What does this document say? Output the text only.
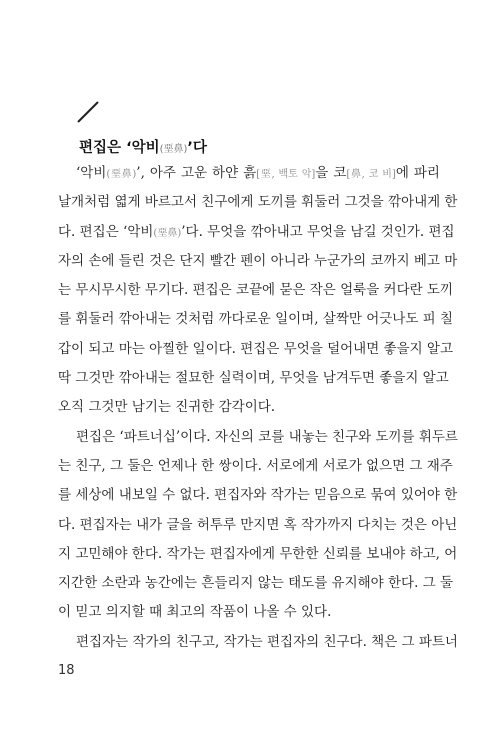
편집은 ‘악비(堊鼻)’다
‘악비(堊鼻)’, 아주 고운 하얀 흙[堊, 백토 악]을 코[鼻, 코 비]에 파리
날개처럼 엷게 바르고서 친구에게 도끼를 휘둘러 그것을 깎아내게 한
다. 편집은 ‘악비(堊鼻)’다. 무엇을 깎아내고 무엇을 남길 것인가. 편집
자의 손에 들린 것은 단지 빨간 펜이 아니라 누군가의 코까지 베고 마
는 무시무시한 무기다. 편집은 코끝에 묻은 작은 얼룩을 커다란 도끼
를 휘둘러 깎아내는 것처럼 까다로운 일이며, 살짝만 어긋나도 피 칠
갑이 되고 마는 아찔한 일이다. 편집은 무엇을 덜어내면 좋을지 알고
딱 그것만 깎아내는 절묘한 실력이며, 무엇을 남겨두면 좋을지 알고
오직 그것만 남기는 진귀한 감각이다.
편집은 ‘파트너십’이다. 자신의 코를 내놓는 친구와 도끼를 휘두르
는 친구, 그 둘은 언제나 한 쌍이다. 서로에게 서로가 없으면 그 재주
를 세상에 내보일 수 없다. 편집자와 작가는 믿음으로 묶여 있어야 한
다. 편집자는 내가 글을 허투루 만지면 혹 작가까지 다치는 것은 아닌
지 고민해야 한다. 작가는 편집자에게 무한한 신뢰를 보내야 하고, 어
지간한 소란과 농간에는 흔들리지 않는 태도를 유지해야 한다. 그 둘
이 믿고 의지할 때 최고의 작품이 나올 수 있다.
편집자는 작가의 친구고, 작가는 편집자의 친구다. 책은 그 파트너
18
